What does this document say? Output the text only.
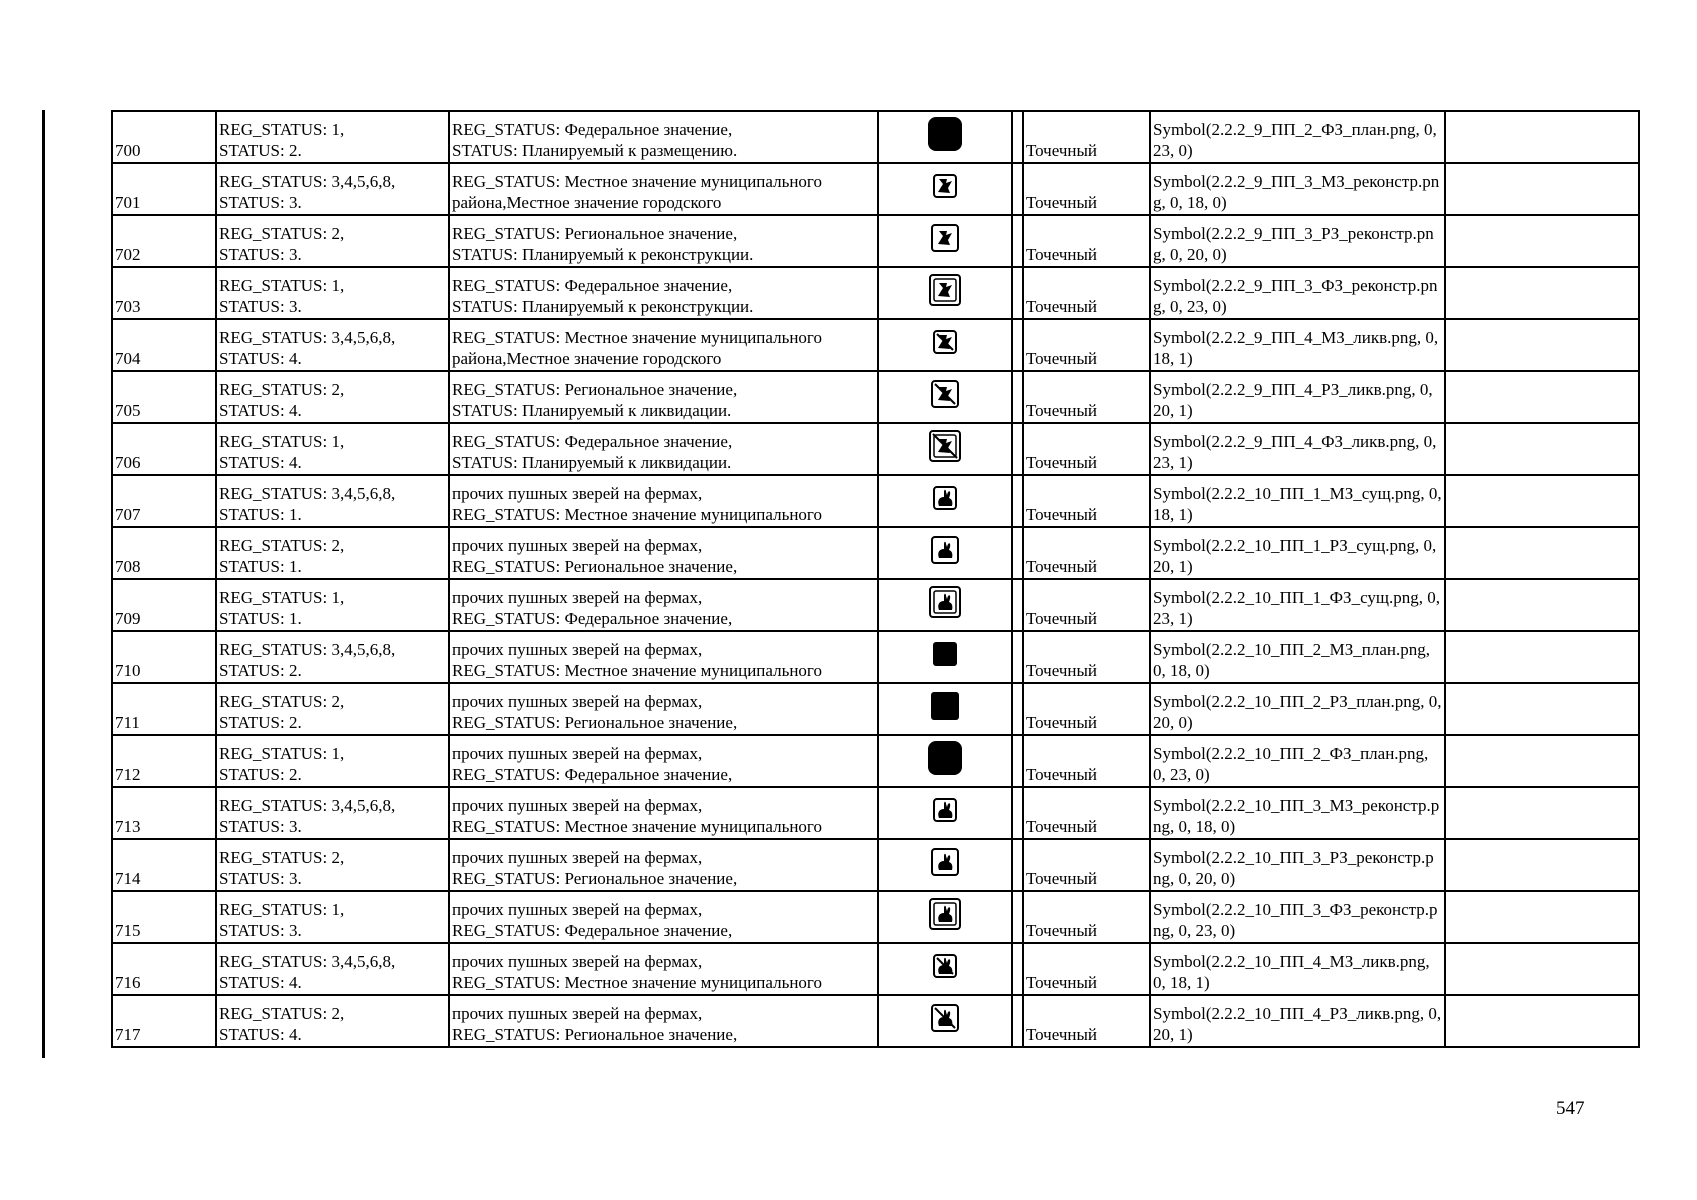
700	REG_STATUS: 1,
STATUS: 2.	REG_STATUS: Федеральное значение,
STATUS: Планируемый к размещению.			Точечный	Symbol(2.2.2_9_ПП_2_ФЗ_план.png, 0, 23, 0)	

701	REG_STATUS: 3,4,5,6,8,
STATUS: 3.	REG_STATUS: Местное значение муниципального
района,Местное значение городского			Точечный	Symbol(2.2.2_9_ПП_3_МЗ_реконстр.png, 0, 18, 0)	

702	REG_STATUS: 2,
STATUS: 3.	REG_STATUS: Региональное значение,
STATUS: Планируемый к реконструкции.			Точечный	Symbol(2.2.2_9_ПП_3_РЗ_реконстр.png, 0, 20, 0)	

703	REG_STATUS: 1,
STATUS: 3.	REG_STATUS: Федеральное значение,
STATUS: Планируемый к реконструкции.			Точечный	Symbol(2.2.2_9_ПП_3_ФЗ_реконстр.png, 0, 23, 0)	

704	REG_STATUS: 3,4,5,6,8,
STATUS: 4.	REG_STATUS: Местное значение муниципального
района,Местное значение городского			Точечный	Symbol(2.2.2_9_ПП_4_МЗ_ликв.png, 0, 18, 1)	

705	REG_STATUS: 2,
STATUS: 4.	REG_STATUS: Региональное значение,
STATUS: Планируемый к ликвидации.			Точечный	Symbol(2.2.2_9_ПП_4_РЗ_ликв.png, 0, 20, 1)	

706	REG_STATUS: 1,
STATUS: 4.	REG_STATUS: Федеральное значение,
STATUS: Планируемый к ликвидации.			Точечный	Symbol(2.2.2_9_ПП_4_ФЗ_ликв.png, 0, 23, 1)	

707	REG_STATUS: 3,4,5,6,8,
STATUS: 1.	прочих пушных зверей на фермах,
REG_STATUS: Местное значение муниципального			Точечный	Symbol(2.2.2_10_ПП_1_МЗ_сущ.png, 0, 18, 1)	

708	REG_STATUS: 2,
STATUS: 1.	прочих пушных зверей на фермах,
REG_STATUS: Региональное значение,			Точечный	Symbol(2.2.2_10_ПП_1_РЗ_сущ.png, 0, 20, 1)	

709	REG_STATUS: 1,
STATUS: 1.	прочих пушных зверей на фермах,
REG_STATUS: Федеральное значение,			Точечный	Symbol(2.2.2_10_ПП_1_ФЗ_сущ.png, 0, 23, 1)	

710	REG_STATUS: 3,4,5,6,8,
STATUS: 2.	прочих пушных зверей на фермах,
REG_STATUS: Местное значение муниципального			Точечный	Symbol(2.2.2_10_ПП_2_МЗ_план.png, 0, 18, 0)	

711	REG_STATUS: 2,
STATUS: 2.	прочих пушных зверей на фермах,
REG_STATUS: Региональное значение,			Точечный	Symbol(2.2.2_10_ПП_2_РЗ_план.png, 0, 20, 0)	

712	REG_STATUS: 1,
STATUS: 2.	прочих пушных зверей на фермах,
REG_STATUS: Федеральное значение,			Точечный	Symbol(2.2.2_10_ПП_2_ФЗ_план.png, 0, 23, 0)	

713	REG_STATUS: 3,4,5,6,8,
STATUS: 3.	прочих пушных зверей на фермах,
REG_STATUS: Местное значение муниципального			Точечный	Symbol(2.2.2_10_ПП_3_МЗ_реконстр.png, 0, 18, 0)	

714	REG_STATUS: 2,
STATUS: 3.	прочих пушных зверей на фермах,
REG_STATUS: Региональное значение,			Точечный	Symbol(2.2.2_10_ПП_3_РЗ_реконстр.png, 0, 20, 0)	

715	REG_STATUS: 1,
STATUS: 3.	прочих пушных зверей на фермах,
REG_STATUS: Федеральное значение,			Точечный	Symbol(2.2.2_10_ПП_3_ФЗ_реконстр.png, 0, 23, 0)	

716	REG_STATUS: 3,4,5,6,8,
STATUS: 4.	прочих пушных зверей на фермах,
REG_STATUS: Местное значение муниципального			Точечный	Symbol(2.2.2_10_ПП_4_МЗ_ликв.png, 0, 18, 1)	

717	REG_STATUS: 2,
STATUS: 4.	прочих пушных зверей на фермах,
REG_STATUS: Региональное значение,			Точечный	Symbol(2.2.2_10_ПП_4_РЗ_ликв.png, 0, 20, 1)	
547
